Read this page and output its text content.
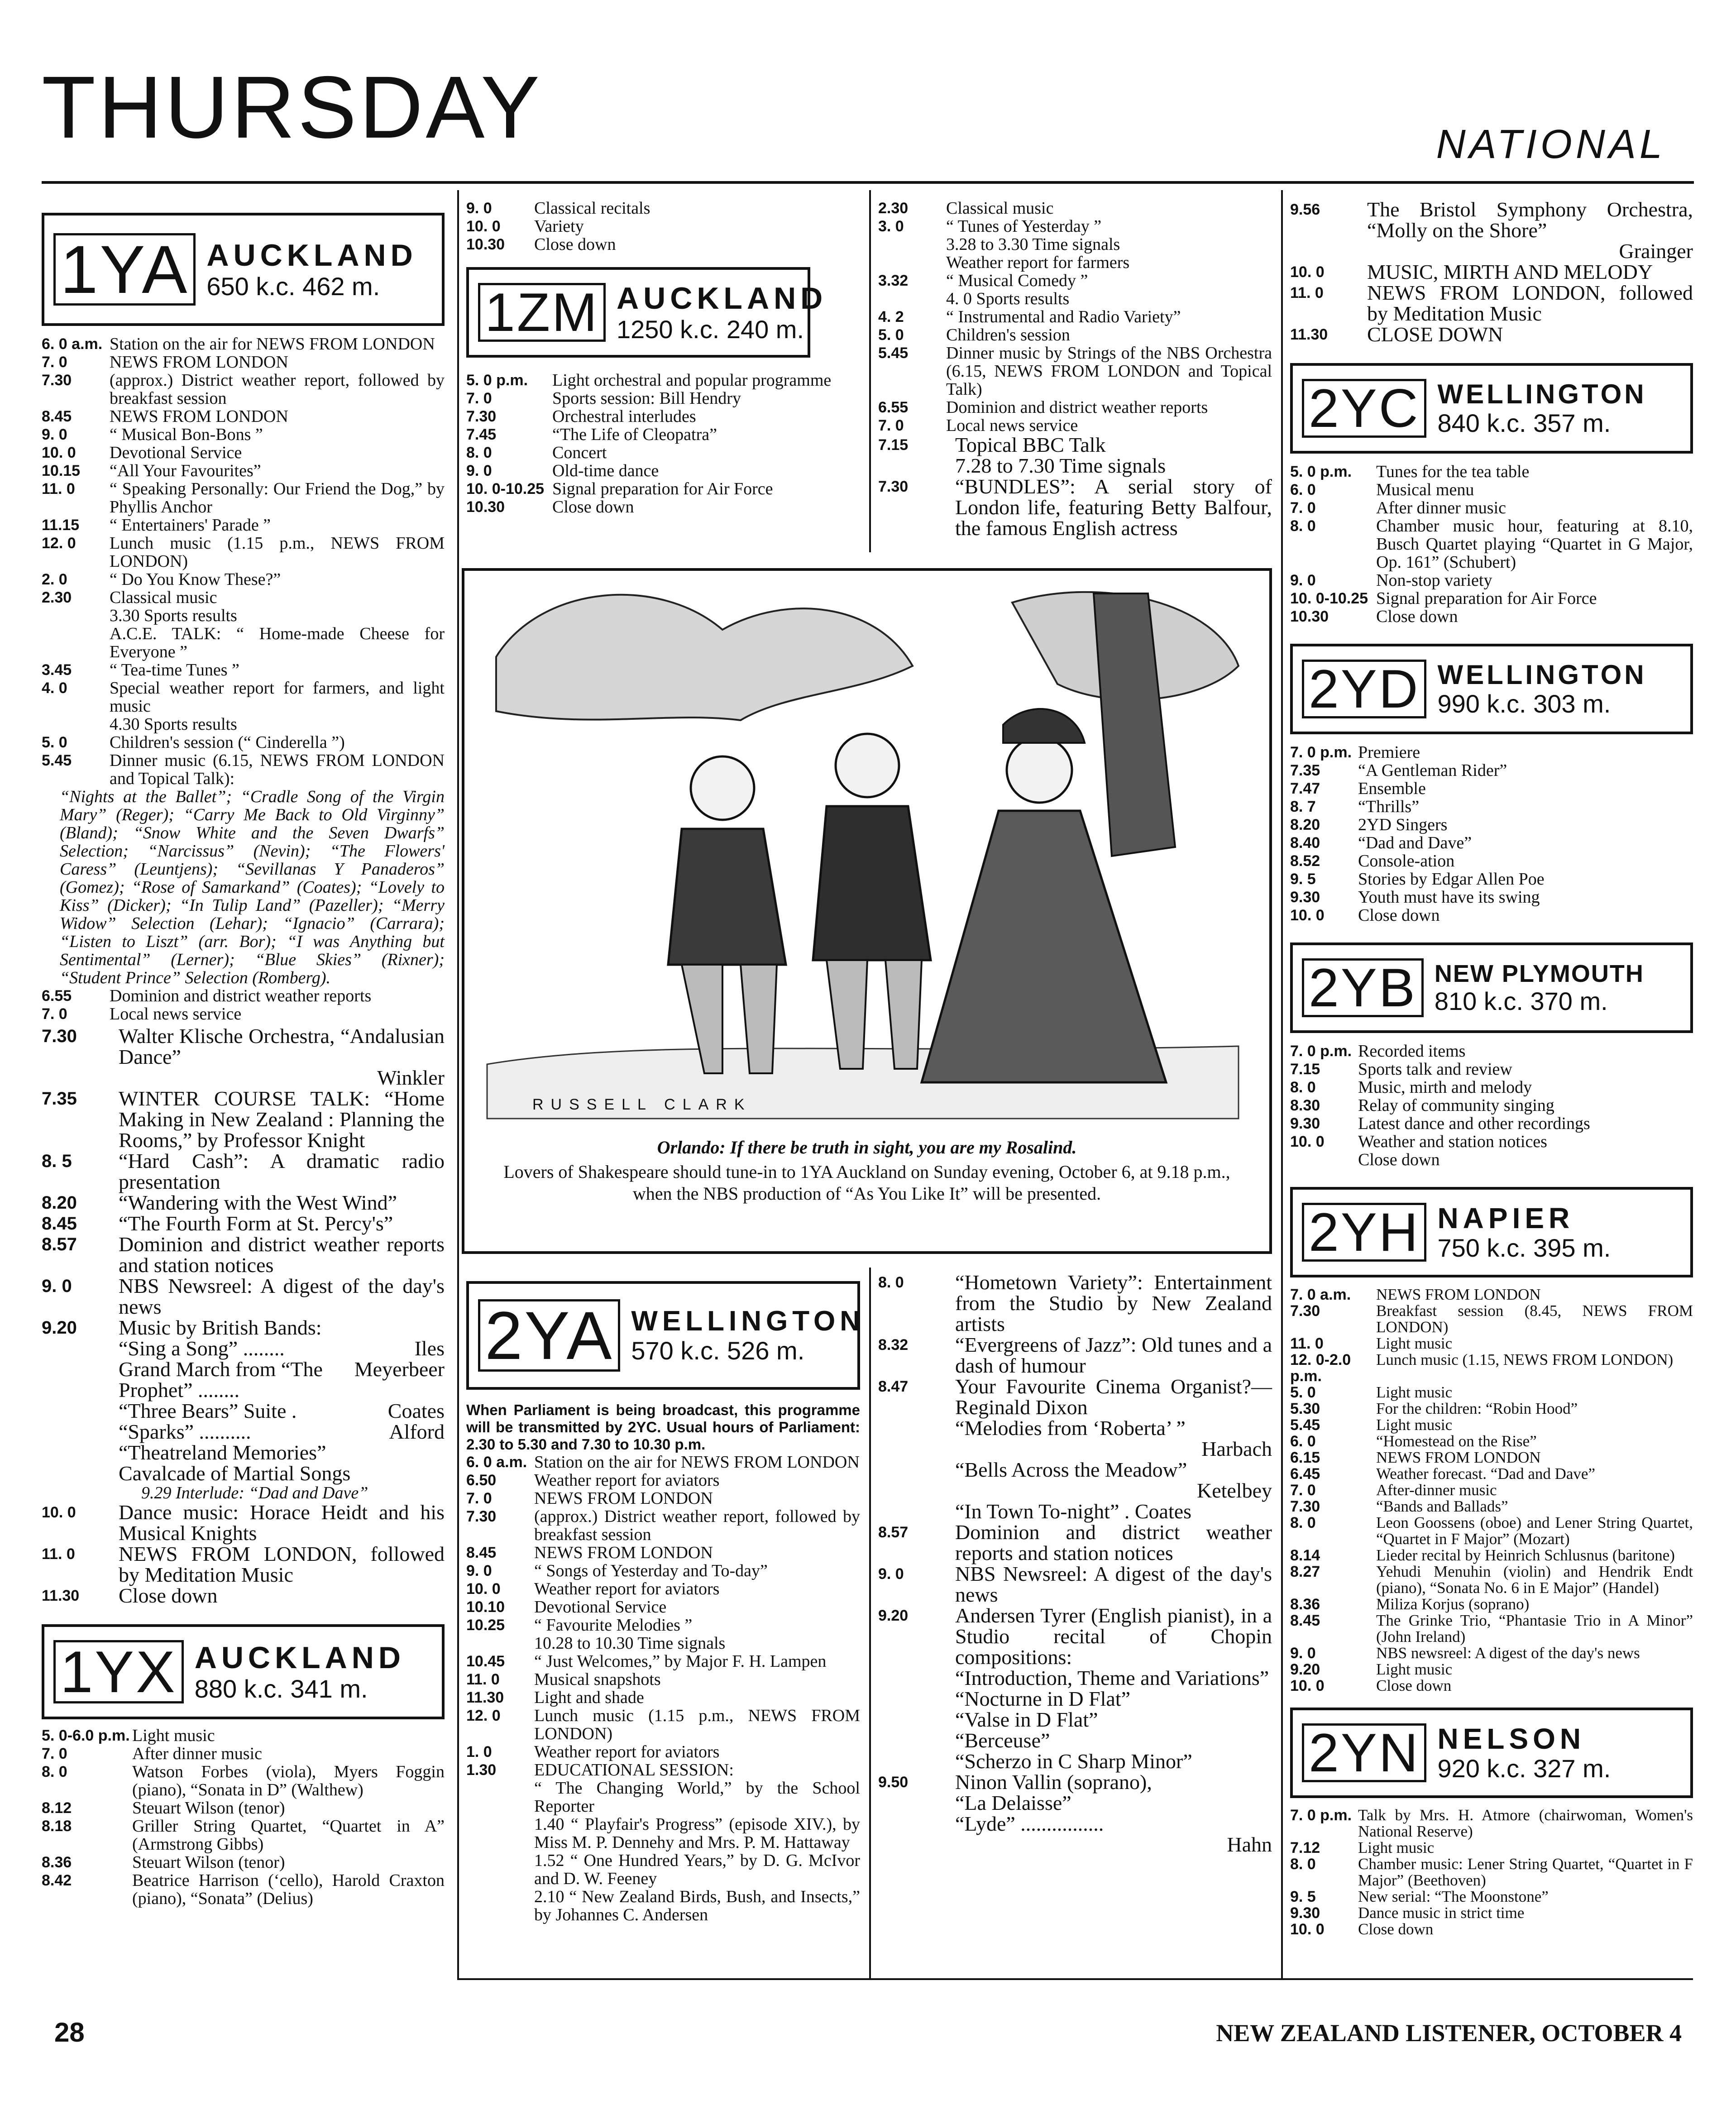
THURSDAY	NATIONAL
1YA AUCKLAND
650 k.c. 462 m.
6. 0 a.m. Station on the air for NEWS FROM LONDON
7. 0	NEWS FROM LONDON
7.30	(approx.) District weather report, followed by breakfast session
8.45	NEWS FROM LONDON
9. 0	“ Musical Bon-Bons ”
10. 0	Devotional Service
10.15	“All Your Favourites”
11. 0	“ Speaking Personally: Our Friend the Dog,” by Phyllis Anchor
11.15	“ Entertainers' Parade ”
12. 0	Lunch music (1.15 p.m., NEWS FROM LONDON)
2. 0	“ Do You Know These?”
2.30	Classical music
3.30 Sports results
A.C.E. TALK: “ Home-made Cheese for Everyone ”
3.45	“ Tea-time Tunes ”
4. 0	Special weather report for farmers, and light music
4.30 Sports results
5. 0	Children's session (“ Cinderella ”)
5.45	Dinner music (6.15, NEWS FROM LONDON and Topical Talk):
“Nights at the Ballet”; “Cradle Song of the Virgin Mary” (Reger); “Carry Me Back to Old Virginny” (Bland); “Snow White and the Seven Dwarfs” Selection; “Narcissus” (Nevin); “The Flowers' Caress” (Leuntjens); “Sevillanas Y Panaderos” (Gomez); “Rose of Samarkand” (Coates); “Lovely to Kiss” (Dicker); “In Tulip Land” (Pazeller); “Merry Widow” Selection (Lehar); “Ignacio” (Carrara); “Listen to Liszt” (arr. Bor); “I was Anything but Sentimental” (Lerner); “Blue Skies” (Rixner); “Student Prince” Selection (Romberg).
6.55	Dominion and district weather reports
7. 0	Local news service
7.30	Walter Klische Orchestra, “Andalusian Dance”
Winkler
7.35	WINTER COURSE TALK: “Home Making in New Zealand : Planning the Rooms,” by Professor Knight
8. 5	“Hard Cash”: A dramatic radio presentation
8.20	“Wandering with the West Wind”
8.45	“The Fourth Form at St. Percy's”
8.57	Dominion and district weather reports and station notices
9. 0	NBS Newsreel: A digest of the day's news
9.20	Music by British Bands:
“Sing a Song” ........	Iles
Grand March from “The Prophet” ........
Meyerbeer
“Three Bears” Suite .	Coates
“Sparks” ..........	Alford
“Theatreland Memories”
Cavalcade of Martial Songs
9.29 Interlude: “Dad and Dave”
10. 0	Dance music: Horace Heidt and his Musical Knights
11. 0	NEWS FROM LONDON, followed by Meditation Music
11.30	Close down
1YX AUCKLAND
880 k.c. 341 m.
5. 0-6.0 p.m. Light music
7. 0	After dinner music
8. 0	Watson Forbes (viola), Myers Foggin (piano), “Sonata in D” (Walthew)
8.12	Steuart Wilson (tenor)
8.18	Griller String Quartet, “Quartet in A” (Armstrong Gibbs)
8.36	Steuart Wilson (tenor)
8.42	Beatrice Harrison (‘cello), Harold Craxton (piano), “Sonata” (Delius)
9. 0	Classical recitals
10. 0	Variety
10.30	Close down
1ZM AUCKLAND
1250 k.c. 240 m.
5. 0 p.m.	Light orchestral and popular programme
7. 0	Sports session: Bill Hendry
7.30	Orchestral interludes
7.45	“The Life of Cleopatra”
8. 0	Concert
9. 0	Old-time dance
10. 0-10.25 Signal preparation for Air Force
10.30	Close down
2.30	Classical music
3. 0	“ Tunes of Yesterday ”
3.28 to 3.30 Time signals
Weather report for farmers
3.32	“ Musical Comedy ”
4. 0 Sports results
4. 2	“ Instrumental and Radio Variety”
5. 0	Children's session
5.45	Dinner music by Strings of the NBS Orchestra (6.15, NEWS FROM LONDON and Topical Talk)
6.55	Dominion and district weather reports
7. 0	Local news service
7.15	Topical BBC Talk
7.28 to 7.30 Time signals
7.30	“BUNDLES”: A serial story of London life, featuring Betty Balfour, the famous English actress
RUSSELL CLARK
Orlando: If there be truth in sight, you are my Rosalind.
Lovers of Shakespeare should tune-in to 1YA Auckland on Sunday evening, October 6, at 9.18 p.m., when the NBS production of “As You Like It” will be presented.
2YA WELLINGTON
570 k.c. 526 m.
When Parliament is being broadcast, this programme will be transmitted by 2YC. Usual hours of Parliament: 2.30 to 5.30 and 7.30 to 10.30 p.m.
6. 0 a.m. Station on the air for NEWS FROM LONDON
6.50	Weather report for aviators
7. 0	NEWS FROM LONDON
7.30	(approx.) District weather report, followed by breakfast session
8.45	NEWS FROM LONDON
9. 0	“ Songs of Yesterday and To-day”
10. 0	Weather report for aviators
10.10	Devotional Service
10.25	“ Favourite Melodies ”
10.28 to 10.30 Time signals
10.45	“ Just Welcomes,” by Major F. H. Lampen
11. 0	Musical snapshots
11.30	Light and shade
12. 0	Lunch music (1.15 p.m., NEWS FROM LONDON)
1. 0	Weather report for aviators
1.30	EDUCATIONAL SESSION:
“ The Changing World,” by the School Reporter
1.40 “ Playfair's Progress” (episode XIV.), by Miss M. P. Dennehy and Mrs. P. M. Hattaway
1.52 “ One Hundred Years,” by D. G. McIvor and D. W. Feeney
2.10 “ New Zealand Birds, Bush, and Insects,” by Johannes C. Andersen
8. 0	“Hometown Variety”: Entertainment from the Studio by New Zealand artists
8.32	“Evergreens of Jazz”: Old tunes and a dash of humour
8.47	Your Favourite Cinema Organist?—Reginald Dixon
“Melodies from ‘Roberta’ ”
Harbach
“Bells Across the Meadow”
Ketelbey
“In Town To-night” . Coates
8.57	Dominion and district weather reports and station notices
9. 0	NBS Newsreel: A digest of the day's news
9.20	Andersen Tyrer (English pianist), in a Studio recital of Chopin compositions:
“Introduction, Theme and Variations”
“Nocturne in D Flat”
“Valse in D Flat”
“Berceuse”
“Scherzo in C Sharp Minor”
9.50	Ninon Vallin (soprano),
“La Delaisse”
“Lyde” ................
Hahn
9.56	The Bristol Symphony Orchestra, “Molly on the Shore”
Grainger
10. 0	MUSIC, MIRTH AND MELODY
11. 0	NEWS FROM LONDON, followed by Meditation Music
11.30	CLOSE DOWN
2YC WELLINGTON
840 k.c. 357 m.
5. 0 p.m.	Tunes for the tea table
6. 0	Musical menu
7. 0	After dinner music
8. 0	Chamber music hour, featuring at 8.10, Busch Quartet playing “Quartet in G Major, Op. 161” (Schubert)
9. 0	Non-stop variety
10. 0-10.25 Signal preparation for Air Force
10.30	Close down
2YD WELLINGTON
990 k.c. 303 m.
7. 0 p.m. Premiere
7.35	“A Gentleman Rider”
7.47	Ensemble
8. 7	“Thrills”
8.20	2YD Singers
8.40	“Dad and Dave”
8.52	Console-ation
9. 5	Stories by Edgar Allen Poe
9.30	Youth must have its swing
10. 0	Close down
2YB NEW PLYMOUTH
810 k.c. 370 m.
7. 0 p.m. Recorded items
7.15	Sports talk and review
8. 0	Music, mirth and melody
8.30	Relay of community singing
9.30	Latest dance and other recordings
10. 0	Weather and station notices
Close down
2YH NAPIER
750 k.c. 395 m.
7. 0 a.m.	NEWS FROM LONDON
7.30	Breakfast session (8.45, NEWS FROM LONDON)
11. 0	Light music
12. 0-2.0 p.m.
Lunch music (1.15, NEWS FROM LONDON)
5. 0	Light music
5.30	For the children: “Robin Hood”
5.45	Light music
6. 0	“Homestead on the Rise”
6.15	NEWS FROM LONDON
6.45	Weather forecast. “Dad and Dave”
7. 0	After-dinner music
7.30	“Bands and Ballads”
8. 0	Leon Goossens (oboe) and Lener String Quartet, “Quartet in F Major” (Mozart)
8.14	Lieder recital by Heinrich Schlusnus (baritone)
8.27	Yehudi Menuhin (violin) and Hendrik Endt (piano), “Sonata No. 6 in E Major” (Handel)
8.36	Miliza Korjus (soprano)
8.45	The Grinke Trio, “Phantasie Trio in A Minor” (John Ireland)
9. 0	NBS newsreel: A digest of the day's news
9.20	Light music
10. 0	Close down
2YN NELSON
920 k.c. 327 m.
7. 0 p.m. Talk by Mrs. H. Atmore (chairwoman, Women's National Reserve)
7.12	Light music
8. 0	Chamber music: Lener String Quartet, “Quartet in F Major” (Beethoven)
9. 5	New serial: “The Moonstone”
9.30	Dance music in strict time
10. 0	Close down
28	NEW ZEALAND LISTENER, OCTOBER 4
